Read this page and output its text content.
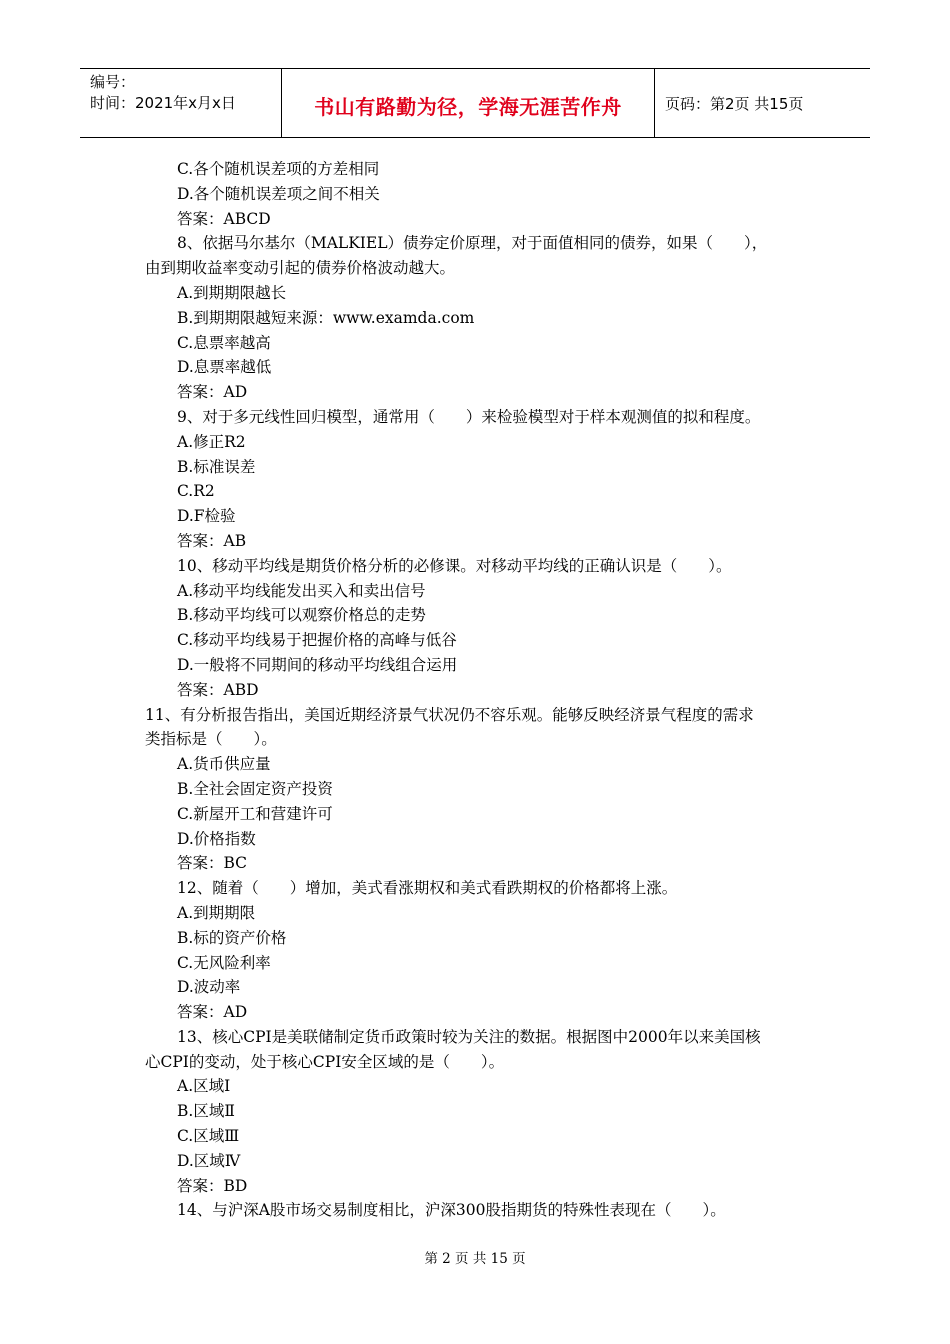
编号：
时间：2021年x月x日	书山有路勤为径，学海无涯苦作舟	页码：第2页 共15页
C.各个随机误差项的方差相同
D.各个随机误差项之间不相关
答案：ABCD
8、依据马尔基尔（MALKIEL）债券定价原理，对于面值相同的债券，如果（　　），
由到期收益率变动引起的债券价格波动越大。
A.到期期限越长
B.到期期限越短来源：www.examda.com
C.息票率越高
D.息票率越低
答案：AD
9、对于多元线性回归模型，通常用（　　）来检验模型对于样本观测值的拟和程度。
A.修正R2
B.标准误差
C.R2
D.F检验
答案：AB
10、移动平均线是期货价格分析的必修课。对移动平均线的正确认识是（　　）。
A.移动平均线能发出买入和卖出信号
B.移动平均线可以观察价格总的走势
C.移动平均线易于把握价格的高峰与低谷
D.一般将不同期间的移动平均线组合运用
答案：ABD
11、有分析报告指出，美国近期经济景气状况仍不容乐观。能够反映经济景气程度的需求
类指标是（　　）。
A.货币供应量
B.全社会固定资产投资
C.新屋开工和营建许可
D.价格指数
答案：BC
12、随着（　　）增加，美式看涨期权和美式看跌期权的价格都将上涨。
A.到期期限
B.标的资产价格
C.无风险利率
D.波动率
答案：AD
13、核心CPI是美联储制定货币政策时较为关注的数据。根据图中2000年以来美国核
心CPI的变动，处于核心CPI安全区域的是（　　）。
A.区域Ⅰ
B.区域Ⅱ
C.区域Ⅲ
D.区域Ⅳ
答案：BD
14、与沪深A股市场交易制度相比，沪深300股指期货的特殊性表现在（　　）。
第 2 页 共 15 页
